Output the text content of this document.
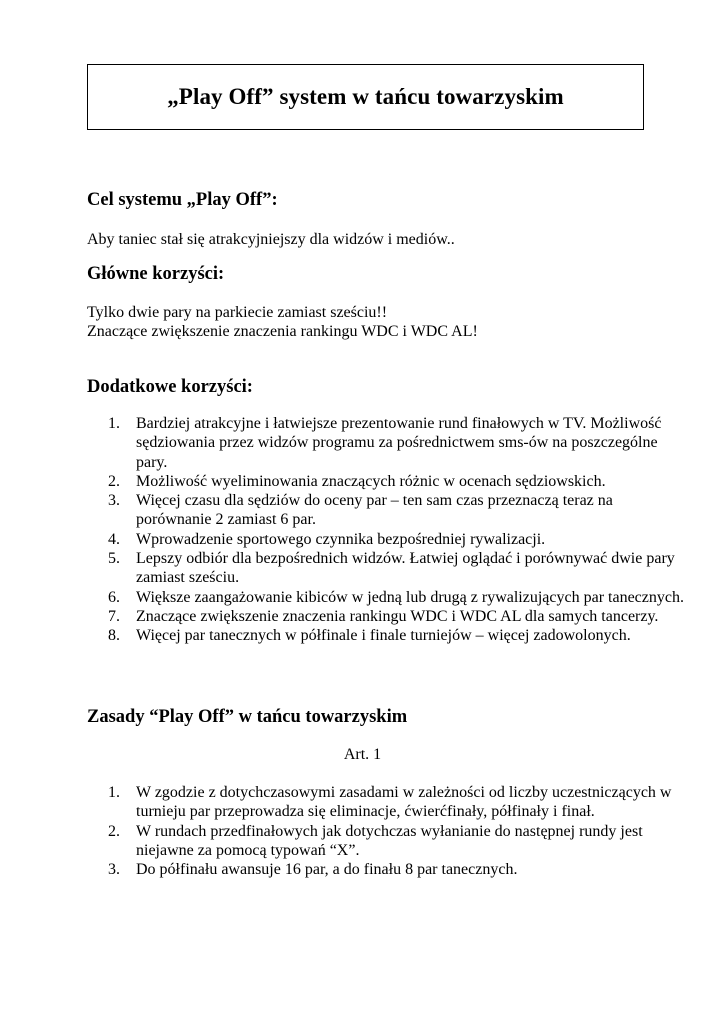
„Play Off” system w tańcu towarzyskim
Cel systemu „Play Off”:

Aby taniec stał się atrakcyjniejszy dla widzów i mediów..

Główne korzyści:

Tylko dwie pary na parkiecie zamiast sześciu!!

Znaczące zwiększenie znaczenia rankingu WDC i WDC AL!

Dodatkowe korzyści:
1. Bardziej atrakcyjne i łatwiejsze prezentowanie rund finałowych w TV. Możliwość sędziowania przez widzów programu za pośrednictwem sms-ów na poszczególne pary.
2. Możliwość wyeliminowania znaczących różnic w ocenach sędziowskich.
3. Więcej czasu dla sędziów do oceny par – ten sam czas przeznaczą teraz na porównanie 2 zamiast 6 par.
4. Wprowadzenie sportowego czynnika bezpośredniej rywalizacji.
5. Lepszy odbiór dla bezpośrednich widzów. Łatwiej oglądać i porównywać dwie pary zamiast sześciu.
6. Większe zaangażowanie kibiców w jedną lub drugą z rywalizujących par tanecznych.
7. Znaczące zwiększenie znaczenia rankingu WDC i WDC AL dla samych tancerzy.
8. Więcej par tanecznych w półfinale i finale turniejów – więcej zadowolonych.
Zasady “Play Off” w tańcu towarzyskim

Art. 1

1. W zgodzie z dotychczasowymi zasadami w zależności od liczby uczestniczących w turnieju par przeprowadza się eliminacje, ćwierćfinały, półfinały i finał.
2. W rundach przedfinałowych jak dotychczas wyłanianie do następnej rundy jest niejawne za pomocą typowań “X”.
3. Do półfinału awansuje 16 par, a do finału 8 par tanecznych.
